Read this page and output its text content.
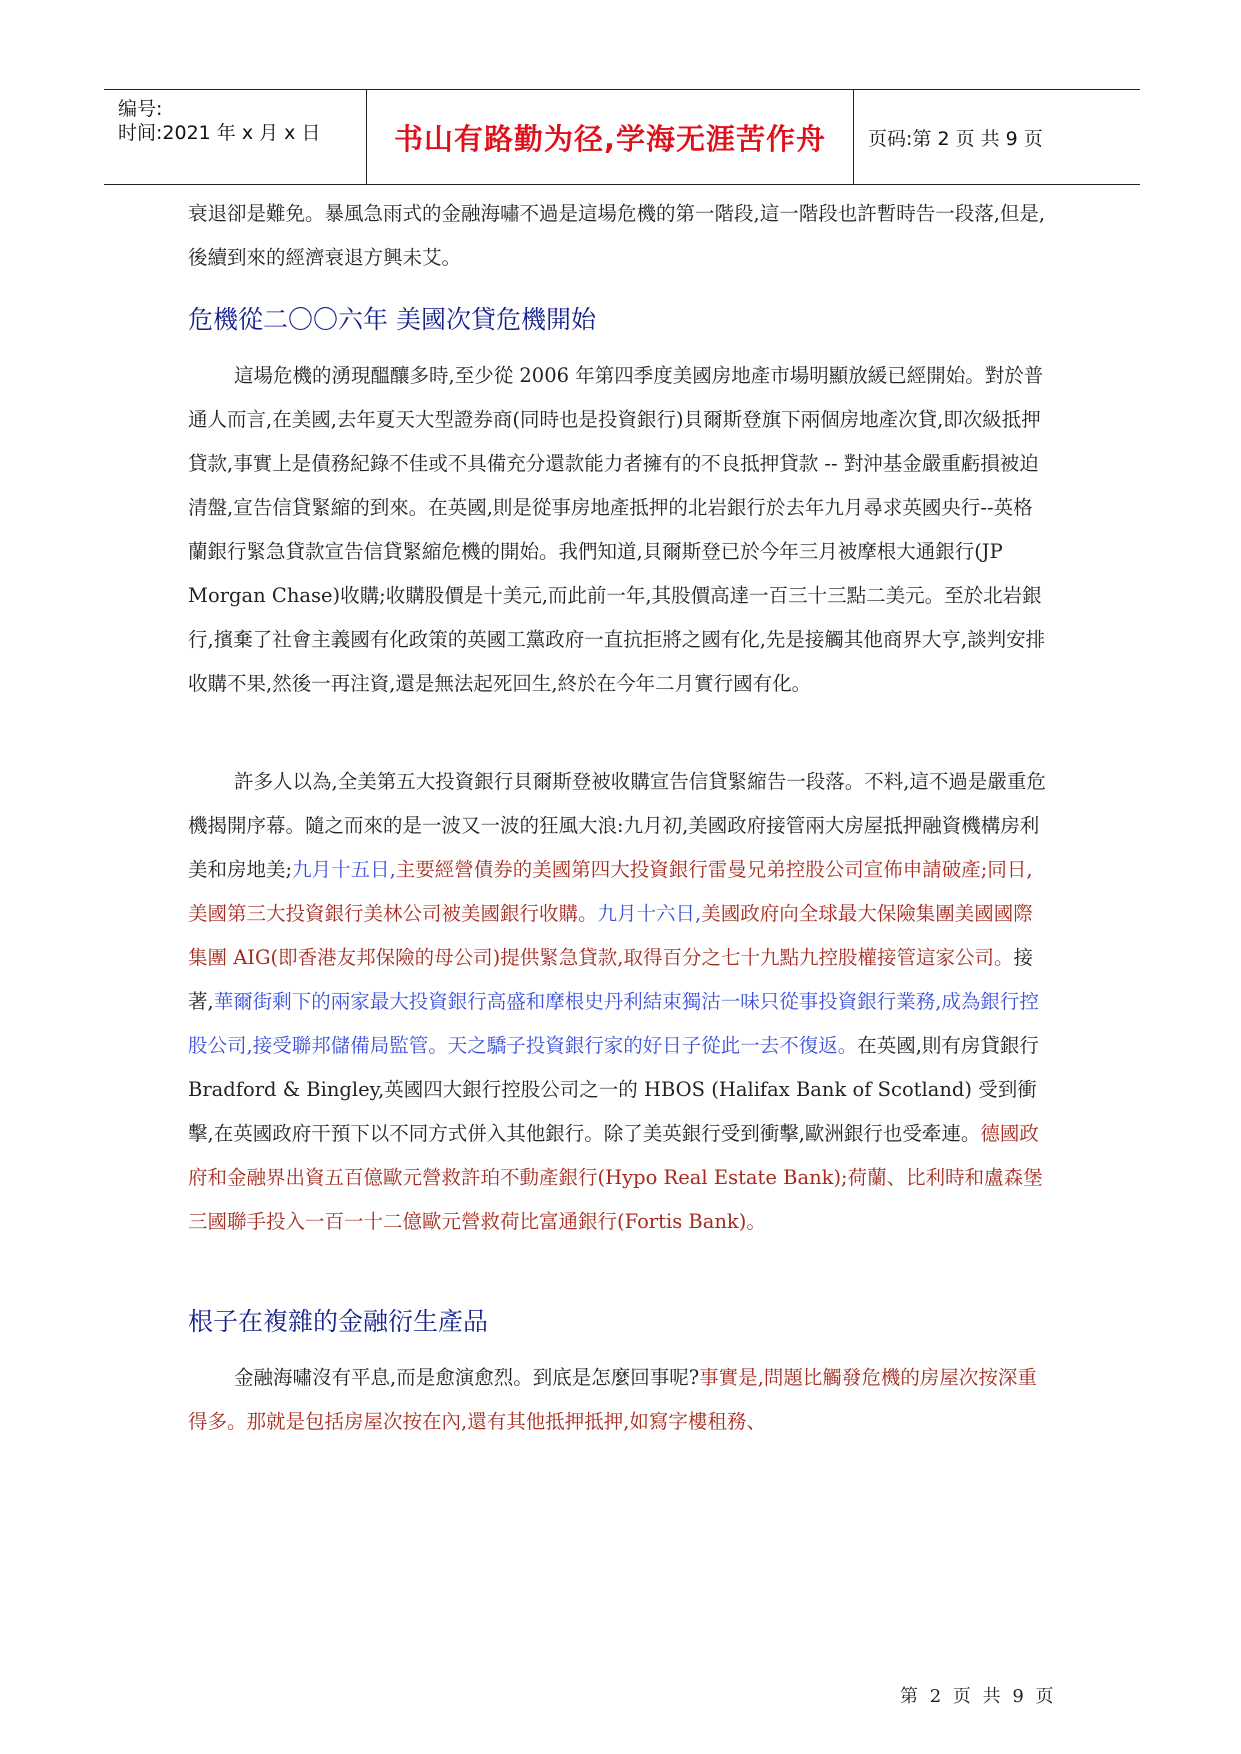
编号:
时间:2021 年 x 月 x 日	书山有路勤为径,学海无涯苦作舟 页码:第 2 页 共 9 页

衰退卻是難免。暴風急雨式的金融海嘯不過是這場危機的第一階段,這一階段也許暫時告一段落,但是,後續到來的經濟衰退方興未艾。

危機從二〇〇六年 美國次貸危機開始

這場危機的湧現醞釀多時,至少從 2006 年第四季度美國房地產市場明顯放緩已經開始。對於普通人而言,在美國,去年夏天大型證券商(同時也是投資銀行)貝爾斯登旗下兩個房地產次貸,即次級抵押貸款,事實上是債務紀錄不佳或不具備充分還款能力者擁有的不良抵押貸款 -- 對沖基金嚴重虧損被迫清盤,宣告信貸緊縮的到來。在英國,則是從事房地產抵押的北岩銀行於去年九月尋求英國央行--英格蘭銀行緊急貸款宣告信貸緊縮危機的開始。我們知道,貝爾斯登已於今年三月被摩根大通銀行(JP Morgan Chase)收購;收購股價是十美元,而此前一年,其股價高達一百三十三點二美元。至於北岩銀行,擯棄了社會主義國有化政策的英國工黨政府一直抗拒將之國有化,先是接觸其他商界大亨,談判安排收購不果,然後一再注資,還是無法起死回生,終於在今年二月實行國有化。

許多人以為,全美第五大投資銀行貝爾斯登被收購宣告信貸緊縮告一段落。不料,這不過是嚴重危機揭開序幕。隨之而來的是一波又一波的狂風大浪:九月初,美國政府接管兩大房屋抵押融資機構房利美和房地美;九月十五日,主要經營債券的美國第四大投資銀行雷曼兄弟控股公司宣佈申請破產;同日,美國第三大投資銀行美林公司被美國銀行收購。九月十六日,美國政府向全球最大保險集團美國國際集團 AIG(即香港友邦保險的母公司)提供緊急貸款,取得百分之七十九點九控股權接管這家公司。接著,華爾街剩下的兩家最大投資銀行高盛和摩根史丹利結束獨沽一味只從事投資銀行業務,成為銀行控股公司,接受聯邦儲備局監管。天之驕子投資銀行家的好日子從此一去不復返。在英國,則有房貸銀行 Bradford & Bingley,英國四大銀行控股公司之一的 HBOS (Halifax Bank of Scotland) 受到衝擊,在英國政府干預下以不同方式併入其他銀行。除了美英銀行受到衝擊,歐洲銀行也受牽連。德國政府和金融界出資五百億歐元營救許珀不動產銀行(Hypo Real Estate Bank);荷蘭、比利時和盧森堡三國聯手投入一百一十二億歐元營救荷比富通銀行(Fortis Bank)。

根子在複雜的金融衍生產品

金融海嘯沒有平息,而是愈演愈烈。到底是怎麼回事呢?事實是,問題比觸發危機的房屋次按深重得多。那就是包括房屋次按在內,還有其他抵押抵押,如寫字樓租務、

第 2 页 共 9 页
